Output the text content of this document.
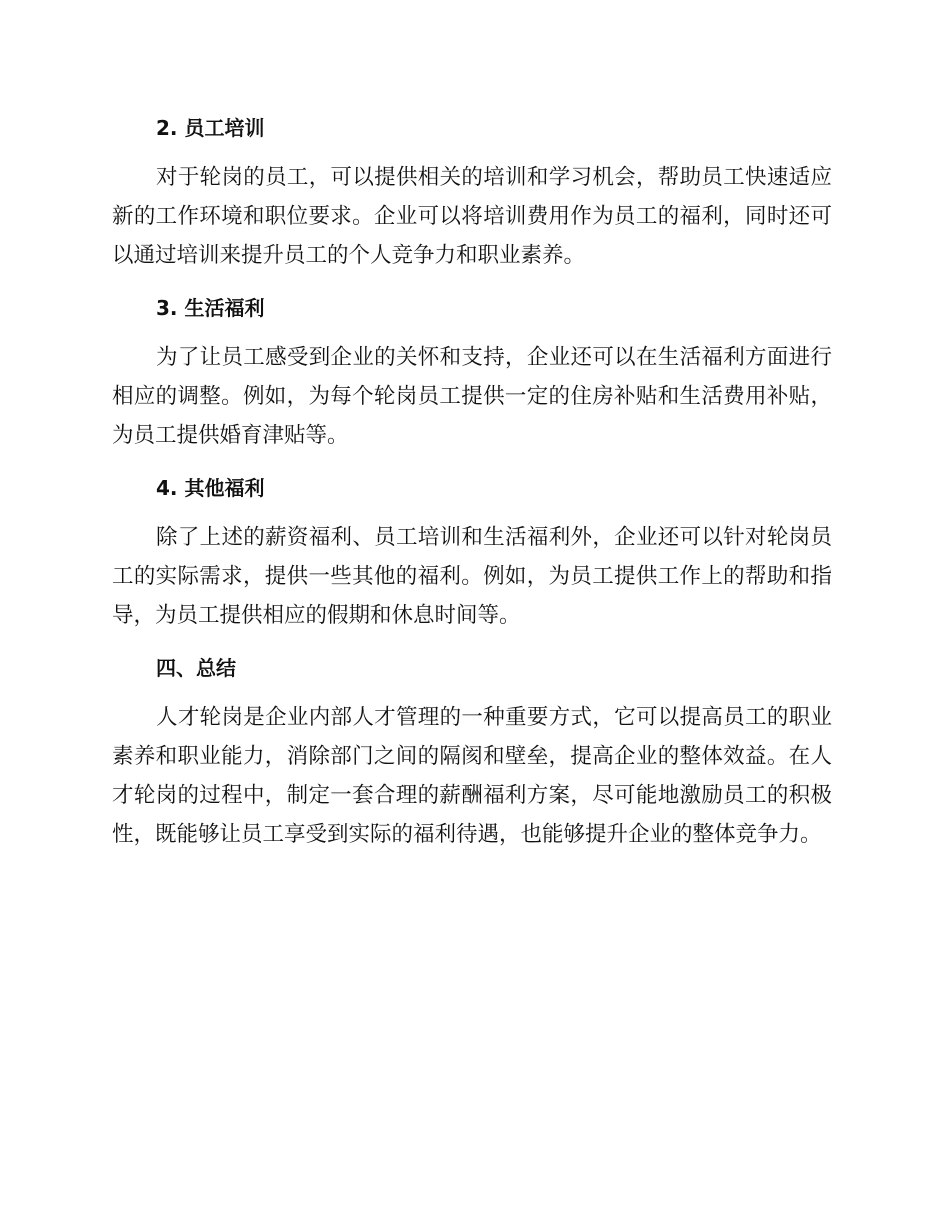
2. 员工培训

对于轮岗的员工，可以提供相关的培训和学习机会，帮助员工快速适应新的工作环境和职位要求。企业可以将培训费用作为员工的福利，同时还可以通过培训来提升员工的个人竞争力和职业素养。

3. 生活福利

为了让员工感受到企业的关怀和支持，企业还可以在生活福利方面进行相应的调整。例如，为每个轮岗员工提供一定的住房补贴和生活费用补贴，为员工提供婚育津贴等。

4. 其他福利

除了上述的薪资福利、员工培训和生活福利外，企业还可以针对轮岗员工的实际需求，提供一些其他的福利。例如，为员工提供工作上的帮助和指导，为员工提供相应的假期和休息时间等。

四、总结

人才轮岗是企业内部人才管理的一种重要方式，它可以提高员工的职业素养和职业能力，消除部门之间的隔阂和壁垒，提高企业的整体效益。在人才轮岗的过程中，制定一套合理的薪酬福利方案，尽可能地激励员工的积极性，既能够让员工享受到实际的福利待遇，也能够提升企业的整体竞争力。
